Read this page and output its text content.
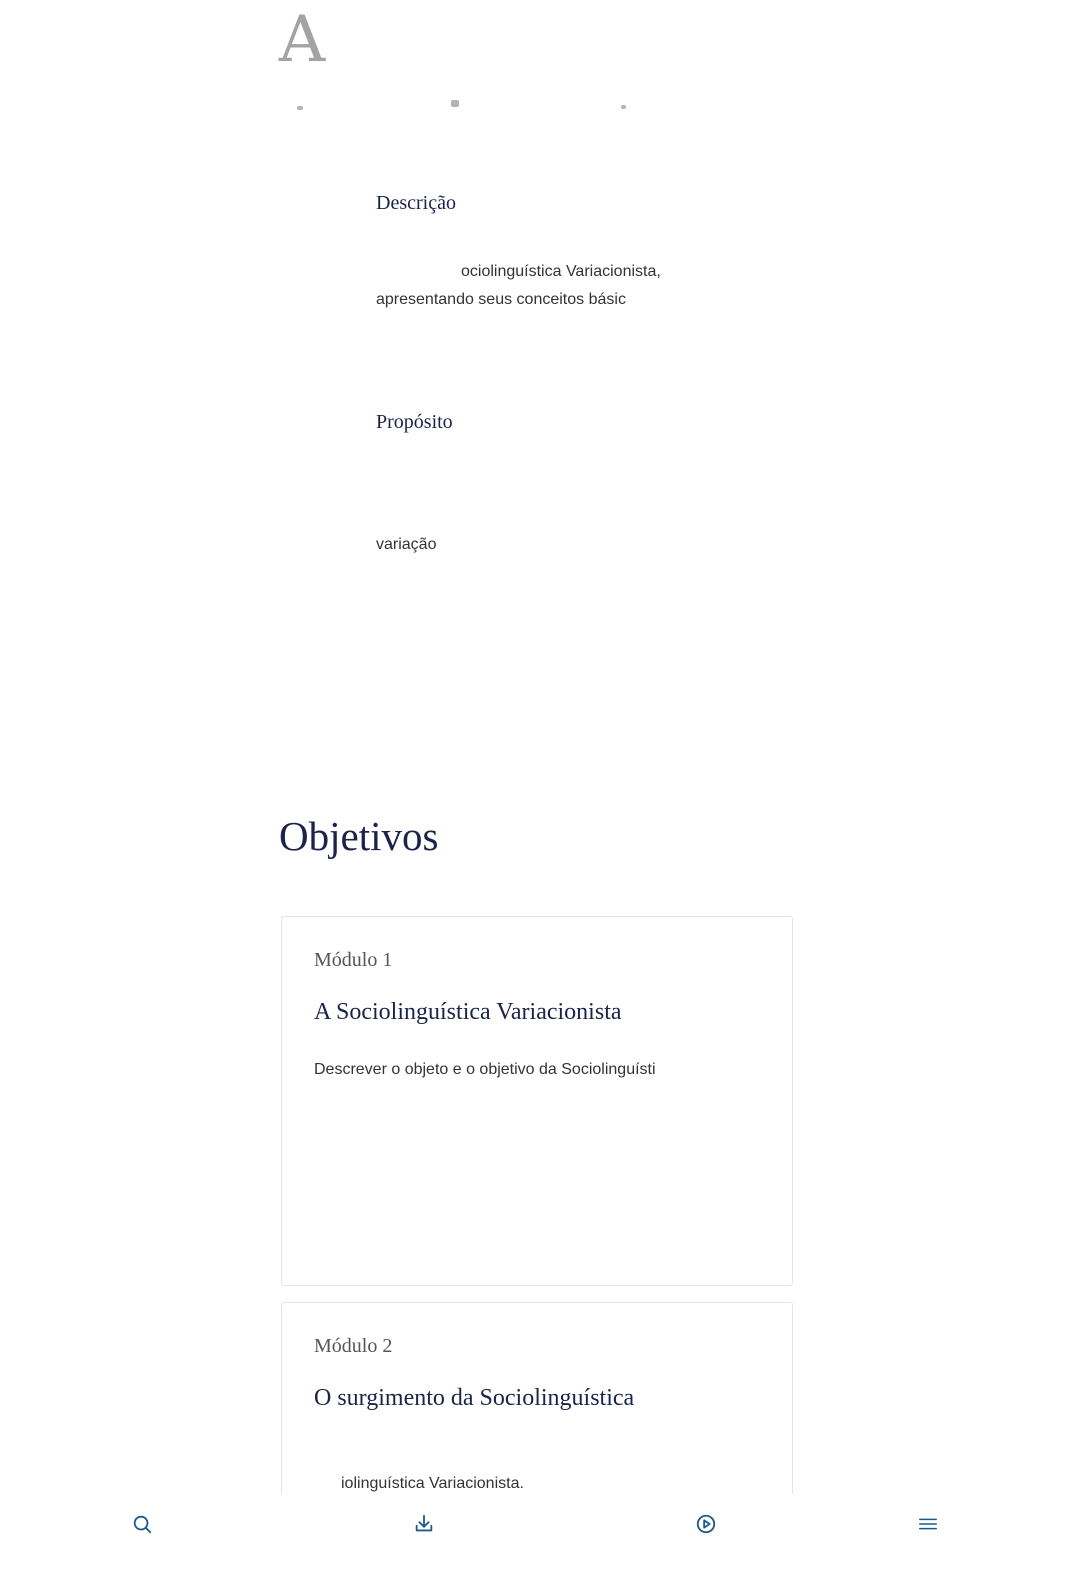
A
Descrição

ociolinguística Variacionista,

apresentando seus conceitos básic

Propósito

variação

Objetivos

Módulo 1

A Sociolinguística Variacionista

Descrever o objeto e o objetivo da Sociolinguísti

Módulo 2

O surgimento da Sociolinguística

iolinguística Variacionista.
